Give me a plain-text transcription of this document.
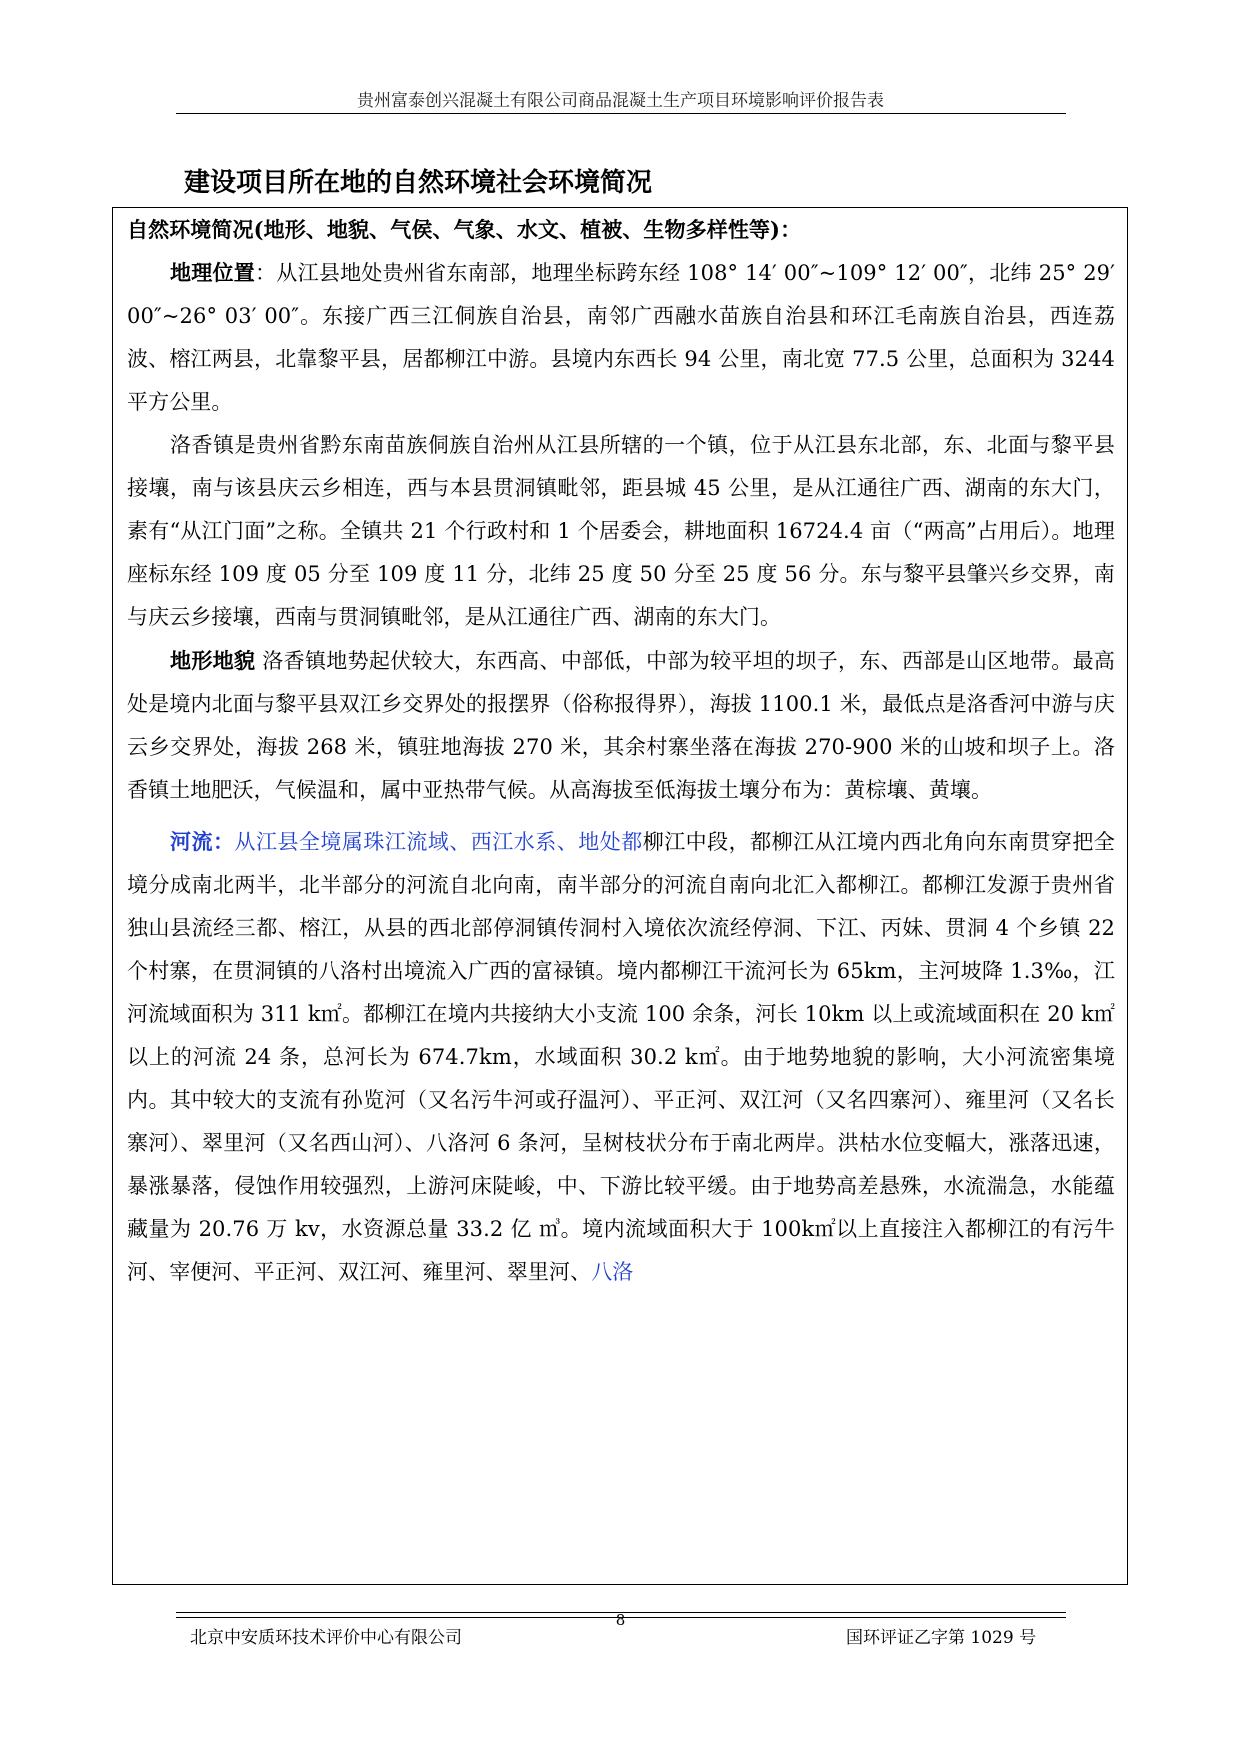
贵州富泰创兴混凝土有限公司商品混凝土生产项目环境影响评价报告表
建设项目所在地的自然环境社会环境简况

自然环境简况(地形、地貌、气侯、气象、水文、植被、生物多样性等)：

地理位置：从江县地处贵州省东南部，地理坐标跨东经 108° 14′ 00″~109° 12′ 00″，北纬 25° 29′ 00″~26° 03′ 00″。东接广西三江侗族自治县，南邻广西融水苗族自治县和环江毛南族自治县，西连荔波、榕江两县，北靠黎平县，居都柳江中游。县境内东西长 94 公里，南北宽 77.5 公里，总面积为 3244 平方公里。

洛香镇是贵州省黔东南苗族侗族自治州从江县所辖的一个镇，位于从江县东北部，东、北面与黎平县接壤，南与该县庆云乡相连，西与本县贯洞镇毗邻，距县城 45 公里，是从江通往广西、湖南的东大门，素有“从江门面”之称。全镇共 21 个行政村和 1 个居委会，耕地面积 16724.4 亩（“两高”占用后）。地理座标东经 109 度 05 分至 109 度 11 分，北纬 25 度 50 分至 25 度 56 分。东与黎平县肇兴乡交界，南与庆云乡接壤，西南与贯洞镇毗邻，是从江通往广西、湖南的东大门。

地形地貌 洛香镇地势起伏较大，东西高、中部低，中部为较平坦的坝子，东、西部是山区地带。最高处是境内北面与黎平县双江乡交界处的报摆界（俗称报得界），海拔 1100.1 米，最低点是洛香河中游与庆云乡交界处，海拔 268 米，镇驻地海拔 270 米，其余村寨坐落在海拔 270-900 米的山坡和坝子上。洛香镇土地肥沃，气候温和，属中亚热带气候。从高海拔至低海拔土壤分布为：黄棕壤、黄壤。

河流：从江县全境属珠江流域、西江水系、地处都柳江中段，都柳江从江境内西北角向东南贯穿把全境分成南北两半，北半部分的河流自北向南，南半部分的河流自南向北汇入都柳江。都柳江发源于贵州省独山县流经三都、榕江，从县的西北部停洞镇传洞村入境依次流经停洞、下江、丙妹、贯洞 4 个乡镇 22 个村寨，在贯洞镇的八洛村出境流入广西的富禄镇。境内都柳江干流河长为 65km，主河坡降 1.3‰，江河流域面积为 311 k㎡。都柳江在境内共接纳大小支流 100 余条，河长 10km 以上或流域面积在 20 k㎡以上的河流 24 条，总河长为 674.7km，水域面积 30.2 k㎡。由于地势地貌的影响，大小河流密集境内。其中较大的支流有孙览河（又名污牛河或孖温河）、平正河、双江河（又名四寨河）、雍里河（又名长寨河）、翠里河（又名西山河）、八洛河 6 条河，呈树枝状分布于南北两岸。洪枯水位变幅大，涨落迅速，暴涨暴落，侵蚀作用较强烈，上游河床陡峻，中、下游比较平缓。由于地势高差悬殊，水流湍急，水能蕴藏量为 20.76 万 kv，水资源总量 33.2 亿 ㎥。境内流域面积大于 100k㎡以上直接注入都柳江的有污牛河、宰便河、平正河、双江河、雍里河、翠里河、八洛

北京中安质环技术评价中心有限公司
8
国环评证乙字第 1029 号
